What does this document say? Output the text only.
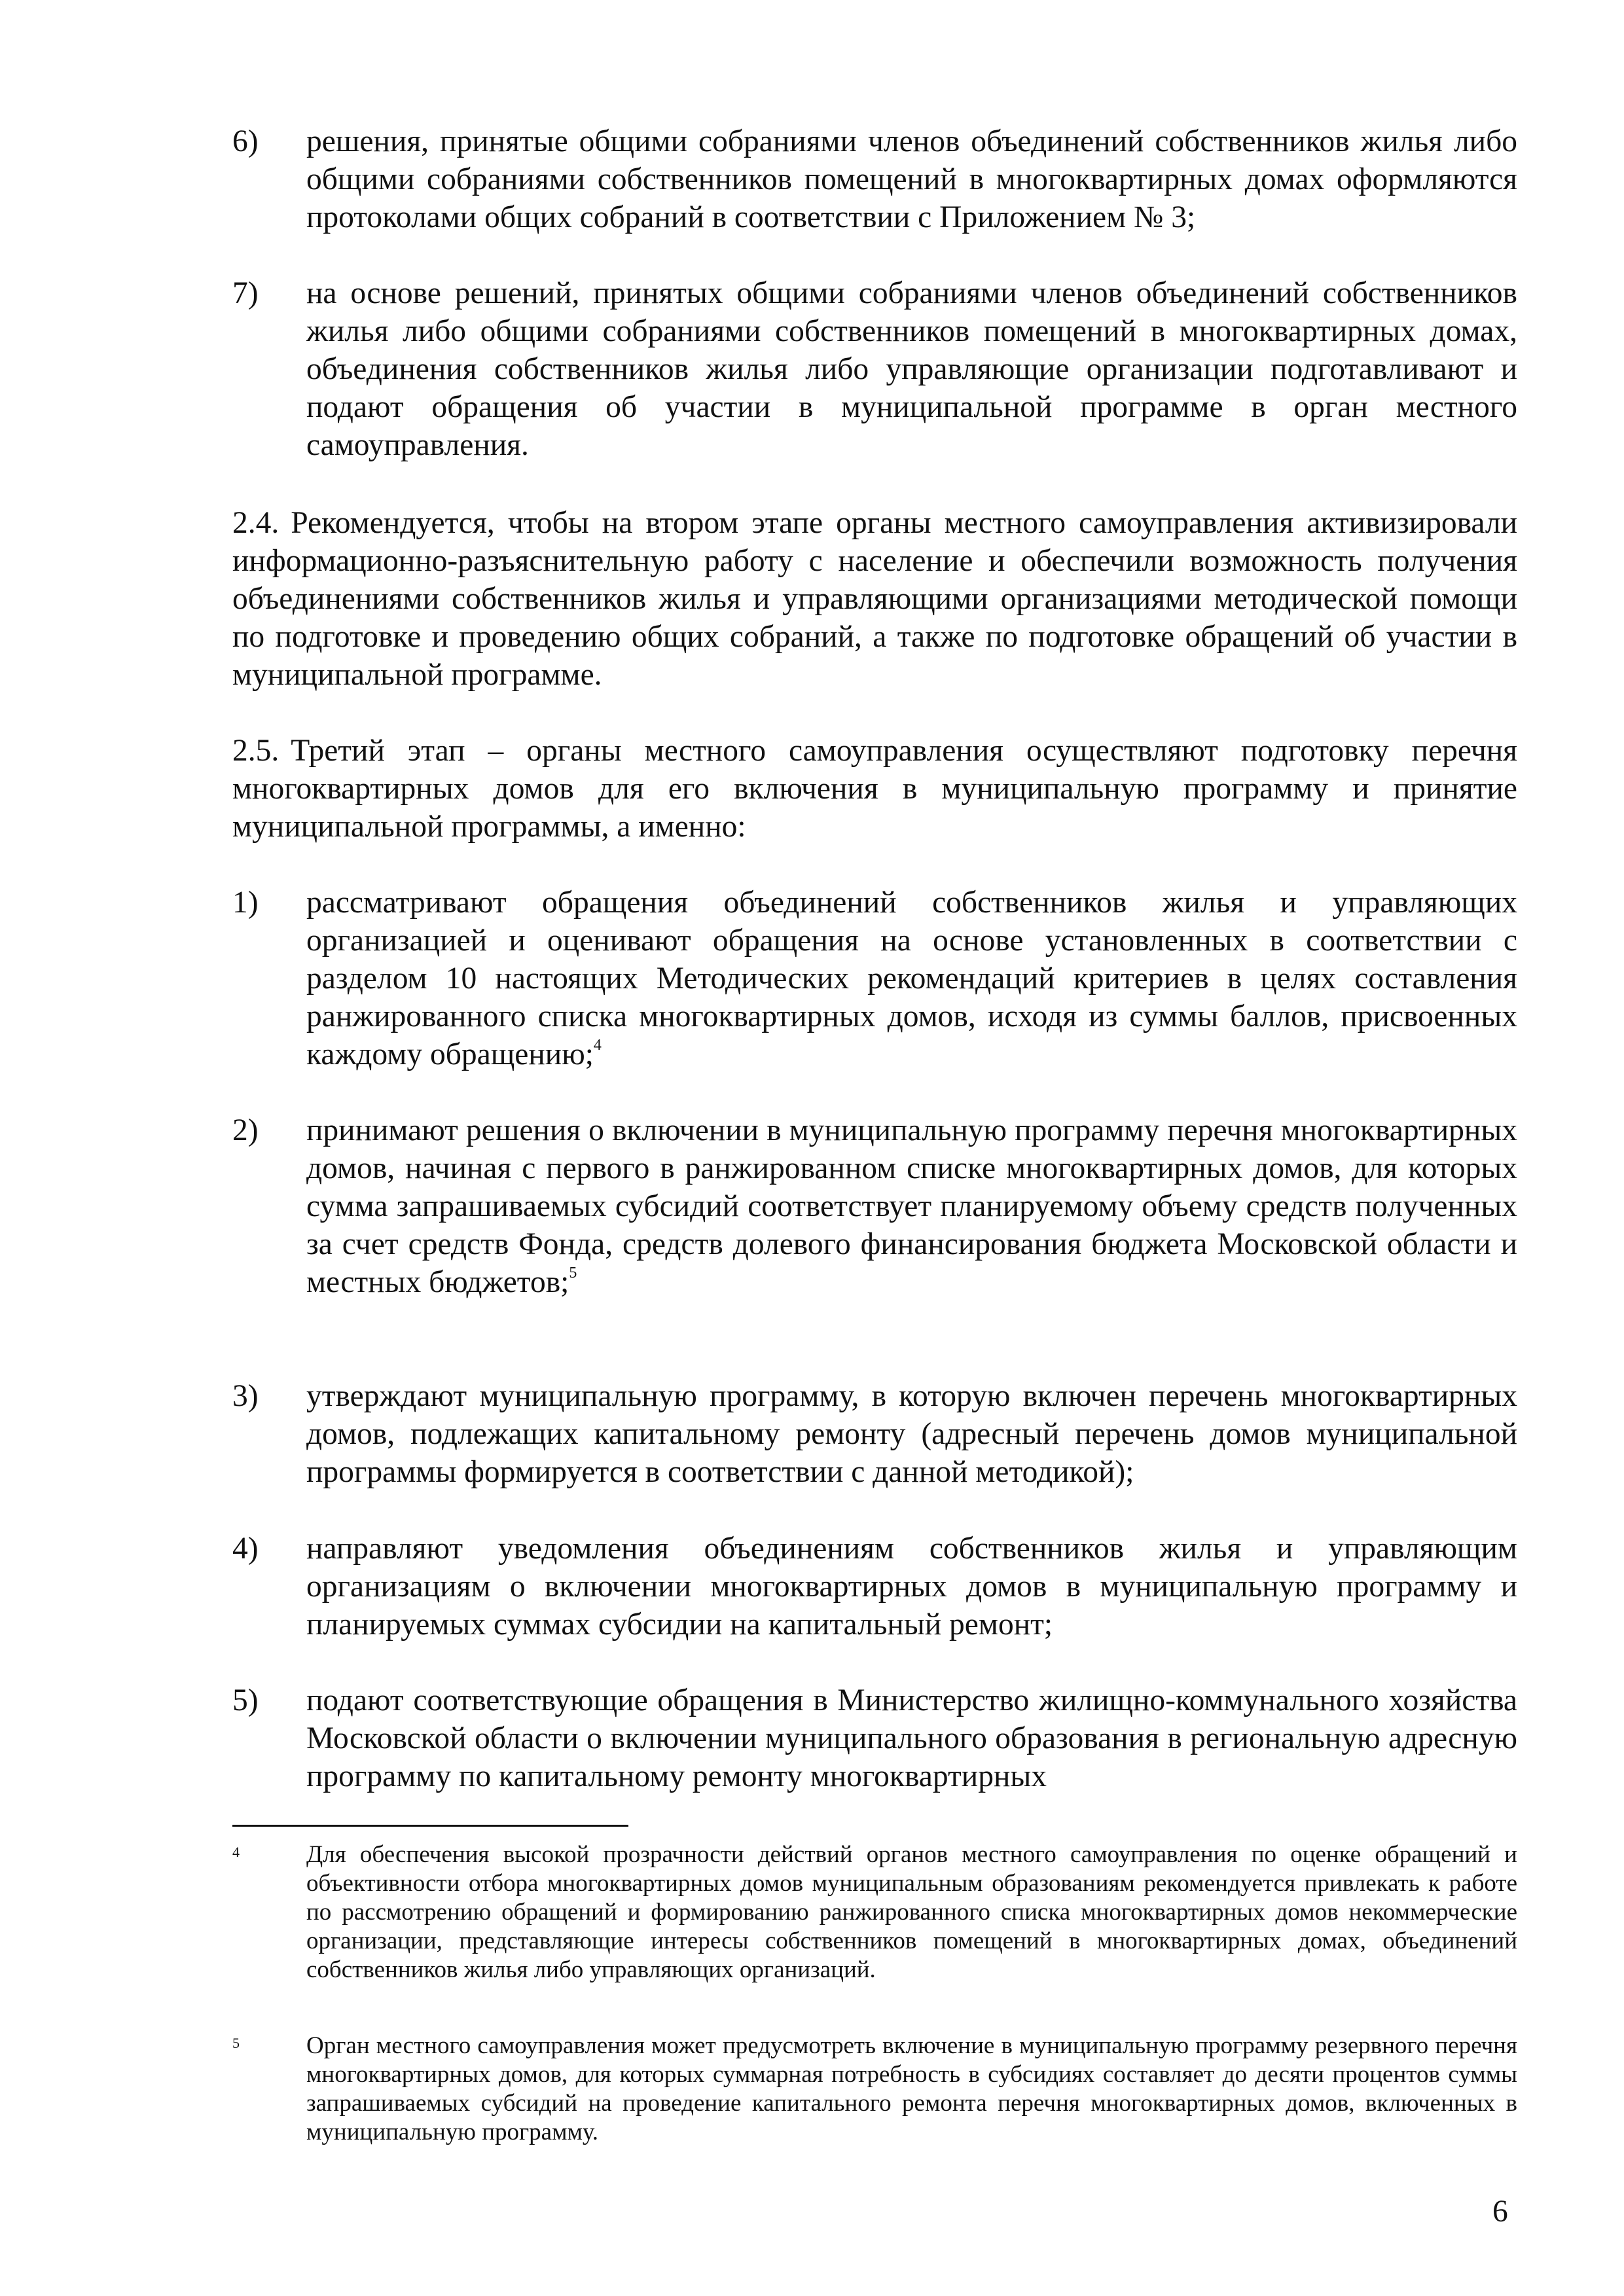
6) решения, принятые общими собраниями членов объединений собственников жилья либо общими собраниями собственников помещений в многоквартирных домах оформляются протоколами общих собраний в соответствии с Приложением № 3;
7) на основе решений, принятых общими собраниями членов объединений собственников жилья либо общими собраниями собственников помещений в многоквартирных домах, объединения собственников жилья либо управляющие организации подготавливают и подают обращения об участии в муниципальной программе в орган местного самоуправления.
2.4. Рекомендуется, чтобы на втором этапе органы местного самоуправления активизировали информационно-разъяснительную работу с население и обеспечили возможность получения объединениями собственников жилья и управляющими организациями методической помощи по подготовке и проведению общих собраний, а также по подготовке обращений об участии в муниципальной программе.
2.5. Третий этап – органы местного самоуправления осуществляют подготовку перечня многоквартирных домов для его включения в муниципальную программу и принятие муниципальной программы, а именно:
1) рассматривают обращения объединений собственников жилья и управляющих организацией и оценивают обращения на основе установленных в соответствии с разделом 10 настоящих Методических рекомендаций критериев в целях составления ранжированного списка многоквартирных домов, исходя из суммы баллов, присвоенных каждому обращению;$^4$
2) принимают решения о включении в муниципальную программу перечня многоквартирных домов, начиная с первого в ранжированном списке многоквартирных домов, для которых сумма запрашиваемых субсидий соответствует планируемому объему средств полученных за счет средств Фонда, средств долевого финансирования бюджета Московской области и местных бюджетов;$^5$
3) утверждают муниципальную программу, в которую включен перечень многоквартирных домов, подлежащих капитальному ремонту (адресный перечень домов муниципальной программы формируется в соответствии с данной методикой);
4) направляют уведомления объединениям собственников жилья и управляющим организациям о включении многоквартирных домов в муниципальную программу и планируемых суммах субсидии на капитальный ремонт;
5) подают соответствующие обращения в Министерство жилищно-коммунального хозяйства Московской области о включении муниципального образования в региональную адресную программу по капитальному ремонту многоквартирных
4	Для обеспечения высокой прозрачности действий органов местного самоуправления по оценке обращений и объективности отбора многоквартирных домов муниципальным образованиям рекомендуется привлекать к работе по рассмотрению обращений и формированию ранжированного списка многоквартирных домов некоммерческие организации, представляющие интересы собственников помещений в многоквартирных домах, объединений собственников жилья либо управляющих организаций.
5	Орган местного самоуправления может предусмотреть включение в муниципальную программу резервного перечня многоквартирных домов, для которых суммарная потребность в субсидиях составляет до десяти процентов суммы запрашиваемых субсидий на проведение капитального ремонта перечня многоквартирных домов, включенных в муниципальную программу.
6
